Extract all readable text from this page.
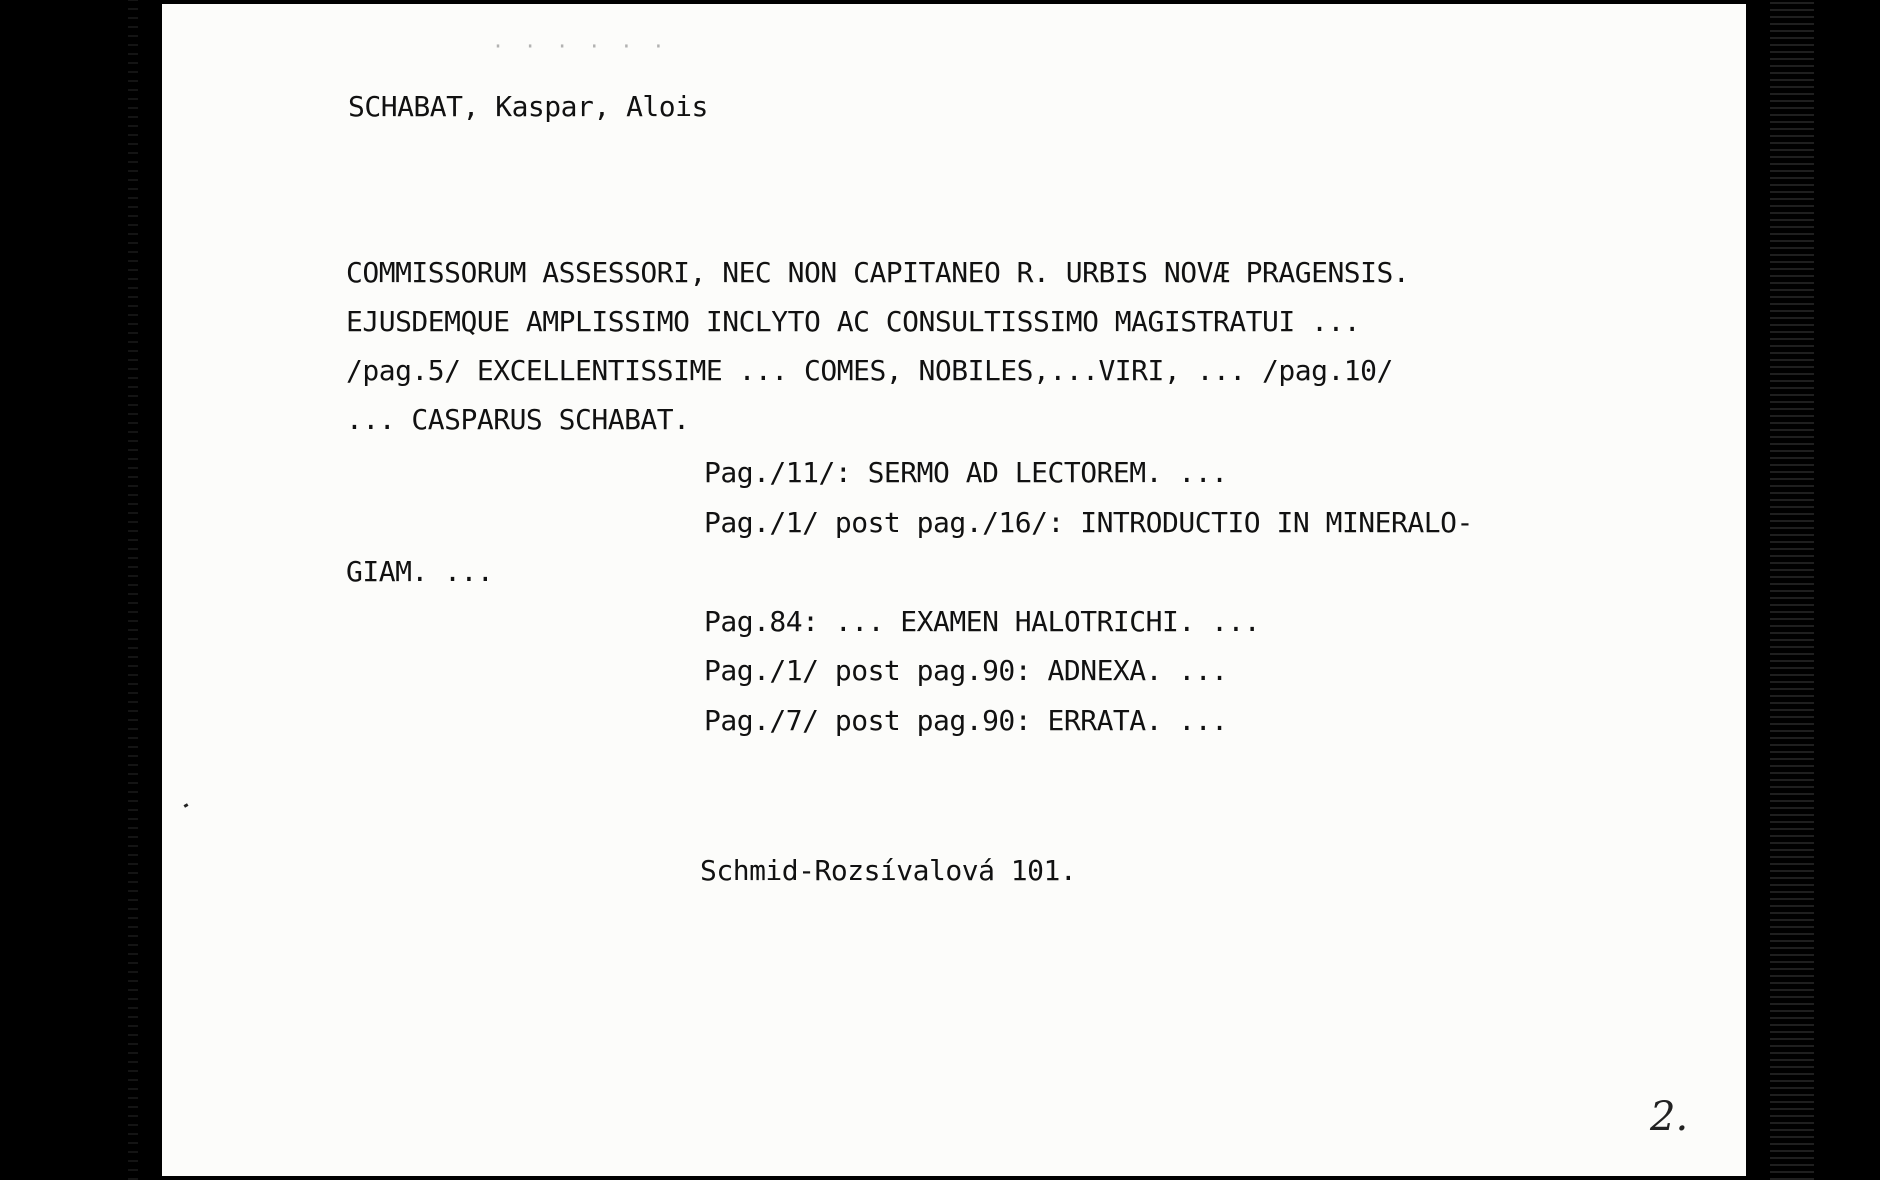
· · · · · ·
SCHABAT, Kaspar, Alois
COMMISSORUM ASSESSORI, NEC NON CAPITANEO R. URBIS NOVÆ PRAGENSIS.
EJUSDEMQUE AMPLISSIMO INCLYTO AC CONSULTISSIMO MAGISTRATUI ...
/pag.5/ EXCELLENTISSIME ... COMES, NOBILES,...VIRI, ... /pag.10/
... CASPARUS SCHABAT.
Pag./11/: SERMO AD LECTOREM. ...
Pag./1/ post pag./16/: INTRODUCTIO IN MINERALO-
GIAM. ...
Pag.84: ... EXAMEN HALOTRICHI. ...
Pag./1/ post pag.90: ADNEXA. ...
Pag./7/ post pag.90: ERRATA. ...
Schmid-Rozsívalová 101.
2.
